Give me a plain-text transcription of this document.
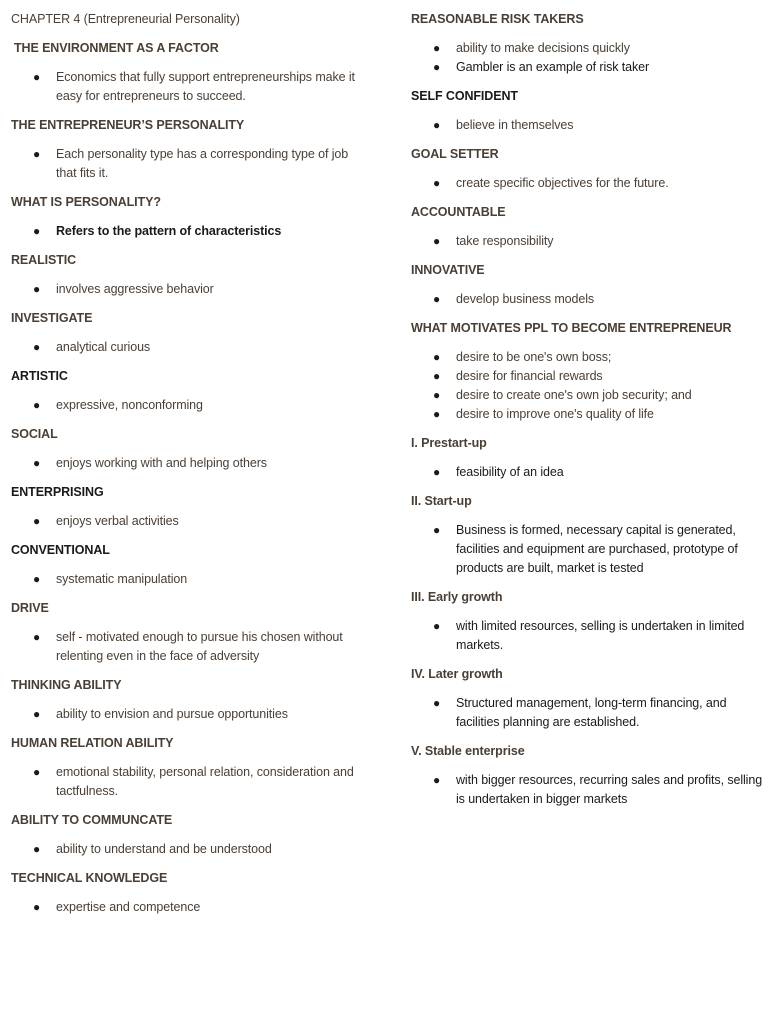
CHAPTER 4 (Entrepreneurial Personality)
THE ENVIRONMENT AS A FACTOR
● Economics that fully support entrepreneurships make it easy for entrepreneurs to succeed.
THE ENTREPRENEUR’S PERSONALITY
● Each personality type has a corresponding type of job that fits it.
WHAT IS PERSONALITY?
● Refers to the pattern of characteristics
REALISTIC
● involves aggressive behavior
INVESTIGATE
● analytical curious
ARTISTIC
● expressive, nonconforming
SOCIAL
● enjoys working with and helping others
ENTERPRISING
● enjoys verbal activities
CONVENTIONAL
● systematic manipulation
DRIVE
● self - motivated enough to pursue his chosen without relenting even in the face of adversity
THINKING ABILITY
● ability to envision and pursue opportunities
HUMAN RELATION ABILITY
● emotional stability, personal relation, consideration and tactfulness.
ABILITY TO COMMUNCATE
● ability to understand and be understood
TECHNICAL KNOWLEDGE
● expertise and competence
REASONABLE RISK TAKERS
● ability to make decisions quickly
● Gambler is an example of risk taker
SELF CONFIDENT
● believe in themselves
GOAL SETTER
● create specific objectives for the future.
ACCOUNTABLE
● take responsibility
INNOVATIVE
● develop business models
WHAT MOTIVATES PPL TO BECOME ENTREPRENEUR
● desire to be one's own boss;
● desire for financial rewards
● desire to create one's own job security; and
● desire to improve one's quality of life
I. Prestart-up
● feasibility of an idea
II. Start-up
● Business is formed, necessary capital is generated, facilities and equipment are purchased, prototype of products are built, market is tested
III. Early growth
● with limited resources, selling is undertaken in limited markets.
IV. Later growth
● Structured management, long-term financing, and facilities planning are established.
V. Stable enterprise
● with bigger resources, recurring sales and profits, selling is undertaken in bigger markets
